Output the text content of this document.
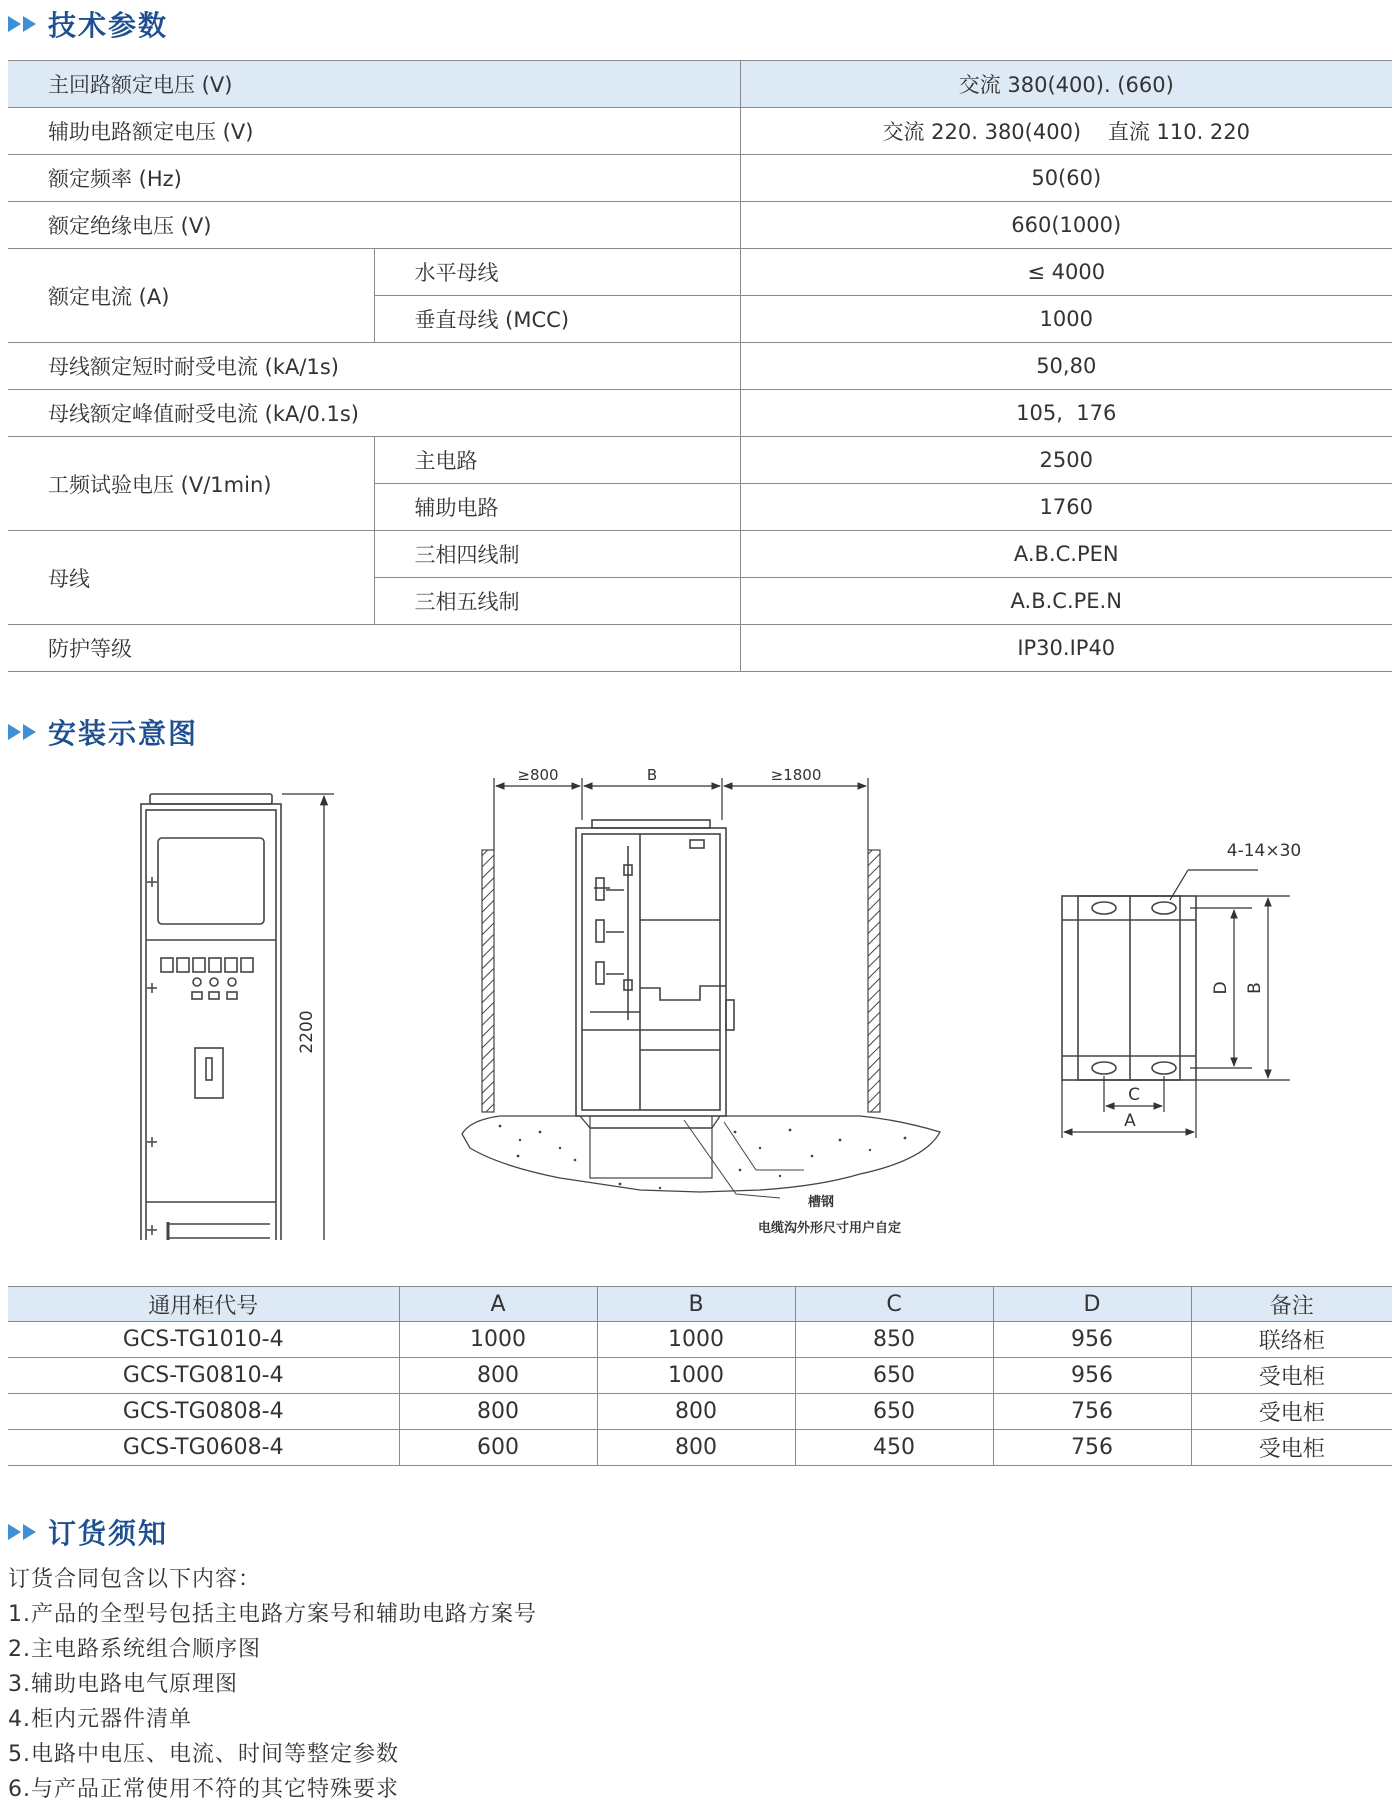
技术参数
主回路额定电压 (V)		交流 380(400). (660)
辅助电路额定电压 (V)		交流 220. 380(400)    直流 110. 220
额定频率 (Hz)		50(60)
额定绝缘电压 (V)		660(1000)
额定电流 (A)	水平母线	≤ 4000
	垂直母线 (MCC)	1000
母线额定短时耐受电流 (kA/1s)		50,80
母线额定峰值耐受电流 (kA/0.1s)		105,  176
工频试验电压 (V/1min)	主电路	2500
	辅助电路	1760
母线	三相四线制	A.B.C.PEN
	三相五线制	A.B.C.PE.N
防护等级		IP30.IP40
安装示意图
2200
≥800	B	≥1800
槽钢
电缆沟外形尺寸用户自定
4-14×30
D B
C
A
通用柜代号	A	B	C	D	备注
GCS-TG1010-4	1000	1000	850	956	联络柜
GCS-TG0810-4	800	1000	650	956	受电柜
GCS-TG0808-4	800	800	650	756	受电柜
GCS-TG0608-4	600	800	450	756	受电柜
订货须知
订货合同包含以下内容：
1.产品的全型号包括主电路方案号和辅助电路方案号
2.主电路系统组合顺序图
3.辅助电路电气原理图
4.柜内元器件清单
5.电路中电压、电流、时间等整定参数
6.与产品正常使用不符的其它特殊要求
